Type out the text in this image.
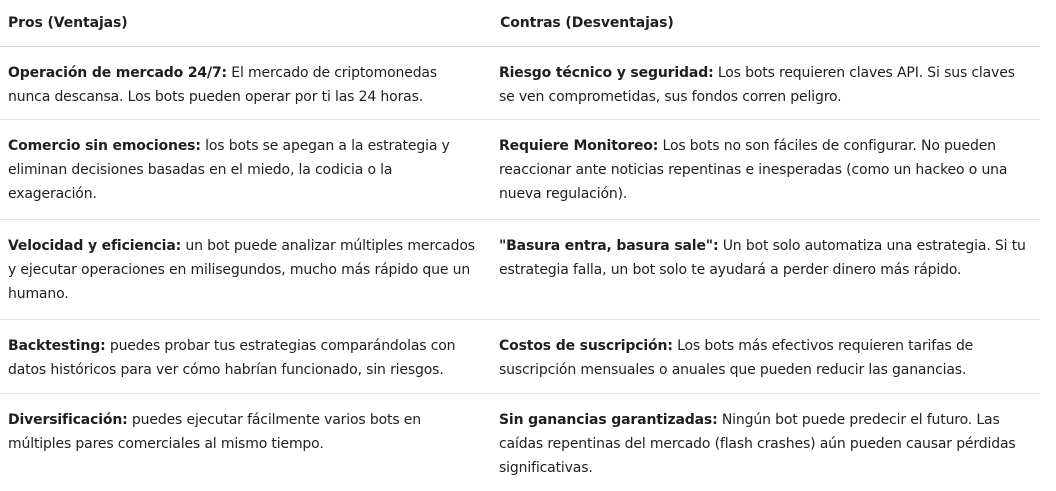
Pros (Ventajas)	Contras (Desventajas)
Operación de mercado 24/7: El mercado de criptomonedas nunca descansa. Los bots pueden operar por ti las 24 horas.
Riesgo técnico y seguridad: Los bots requieren claves API. Si sus claves se ven comprometidas, sus fondos corren peligro.
Comercio sin emociones: los bots se apegan a la estrategia y eliminan decisiones basadas en el miedo, la codicia o la exageración.
Requiere Monitoreo: Los bots no son fáciles de configurar. No pueden reaccionar ante noticias repentinas e inesperadas (como un hackeo o una nueva regulación).
Velocidad y eficiencia: un bot puede analizar múltiples mercados y ejecutar operaciones en milisegundos, mucho más rápido que un humano.
"Basura entra, basura sale": Un bot solo automatiza una estrategia. Si tu estrategia falla, un bot solo te ayudará a perder dinero más rápido.
Backtesting: puedes probar tus estrategias comparándolas con datos históricos para ver cómo habrían funcionado, sin riesgos.
Costos de suscripción: Los bots más efectivos requieren tarifas de suscripción mensuales o anuales que pueden reducir las ganancias.
Diversificación: puedes ejecutar fácilmente varios bots en múltiples pares comerciales al mismo tiempo.
Sin ganancias garantizadas: Ningún bot puede predecir el futuro. Las caídas repentinas del mercado (flash crashes) aún pueden causar pérdidas significativas.
